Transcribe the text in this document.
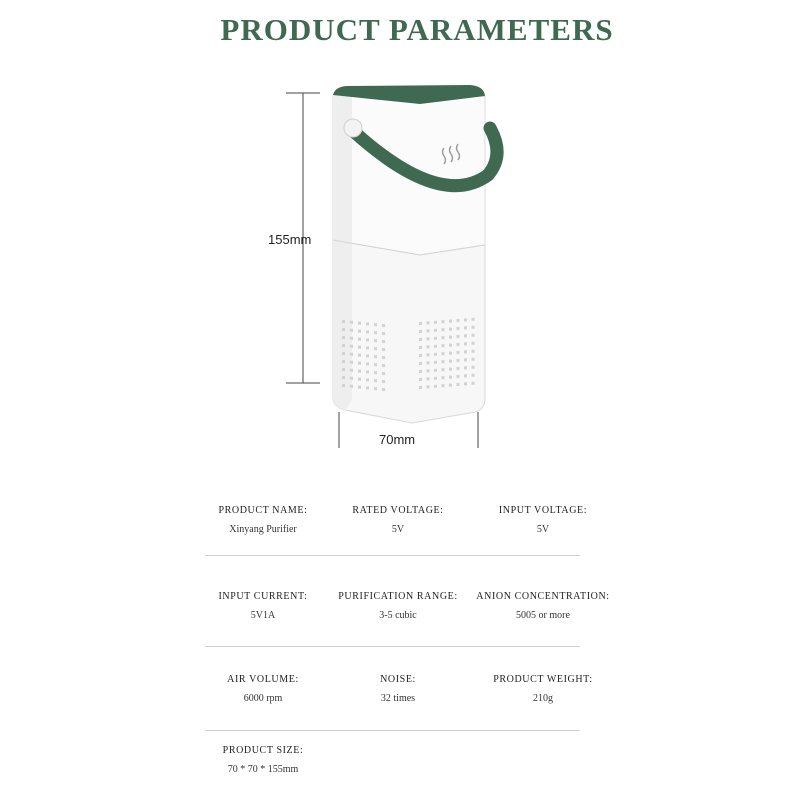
PRODUCT PARAMETERS
155mm
70mm
PRODUCT NAME:
Xinyang Purifier
RATED VOLTAGE:
5V
INPUT VOLTAGE:
5V
INPUT CURRENT:
5V1A
PURIFICATION RANGE:
3-5 cubic
ANION CONCENTRATION:
5005 or more
AIR VOLUME:
6000 rpm
NOISE:
32 times
PRODUCT WEIGHT:
210g
PRODUCT SIZE:
70 * 70 * 155mm
